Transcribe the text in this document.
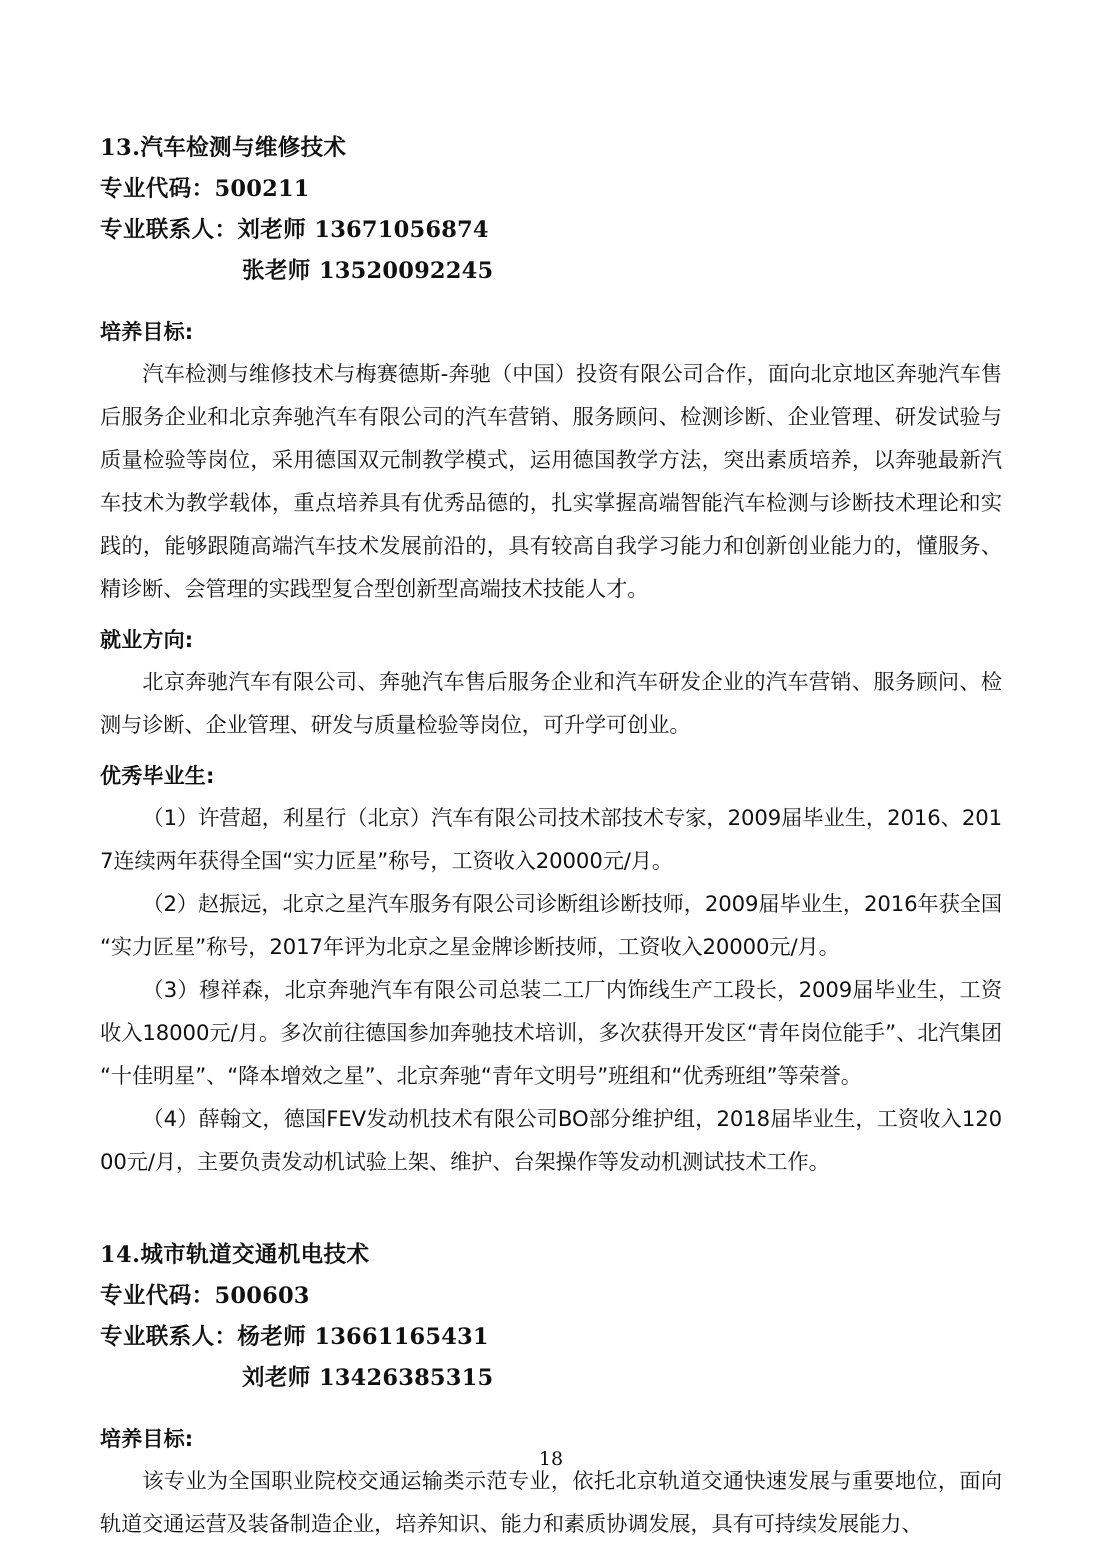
13.汽车检测与维修技术

专业代码：500211

专业联系人：刘老师 13671056874

张老师 13520092245

培养目标:

汽车检测与维修技术与梅赛德斯-奔驰（中国）投资有限公司合作，面向北京地区奔驰汽车售后服务企业和北京奔驰汽车有限公司的汽车营销、服务顾问、检测诊断、企业管理、研发试验与质量检验等岗位，采用德国双元制教学模式，运用德国教学方法，突出素质培养，以奔驰最新汽车技术为教学载体，重点培养具有优秀品德的，扎实掌握高端智能汽车检测与诊断技术理论和实践的，能够跟随高端汽车技术发展前沿的，具有较高自我学习能力和创新创业能力的，懂服务、精诊断、会管理的实践型复合型创新型高端技术技能人才。

就业方向:

北京奔驰汽车有限公司、奔驰汽车售后服务企业和汽车研发企业的汽车营销、服务顾问、检测与诊断、企业管理、研发与质量检验等岗位，可升学可创业。

优秀毕业生:

（1）许营超，利星行（北京）汽车有限公司技术部技术专家，2009届毕业生，2016、2017连续两年获得全国“实力匠星”称号，工资收入20000元/月。

（2）赵振远，北京之星汽车服务有限公司诊断组诊断技师，2009届毕业生，2016年获全国“实力匠星”称号，2017年评为北京之星金牌诊断技师，工资收入20000元/月。

（3）穆祥森，北京奔驰汽车有限公司总装二工厂内饰线生产工段长，2009届毕业生，工资收入18000元/月。多次前往德国参加奔驰技术培训，多次获得开发区“青年岗位能手”、北汽集团“十佳明星”、“降本增效之星”、北京奔驰“青年文明号”班组和“优秀班组”等荣誉。

（4）薛翰文，德国FEV发动机技术有限公司BO部分维护组，2018届毕业生，工资收入12000元/月，主要负责发动机试验上架、维护、台架操作等发动机测试技术工作。

14.城市轨道交通机电技术

专业代码：500603

专业联系人：杨老师 13661165431

刘老师 13426385315

培养目标:

该专业为全国职业院校交通运输类示范专业，依托北京轨道交通快速发展与重要地位，面向轨道交通运营及装备制造企业，培养知识、能力和素质协调发展，具有可持续发展能力、

18
